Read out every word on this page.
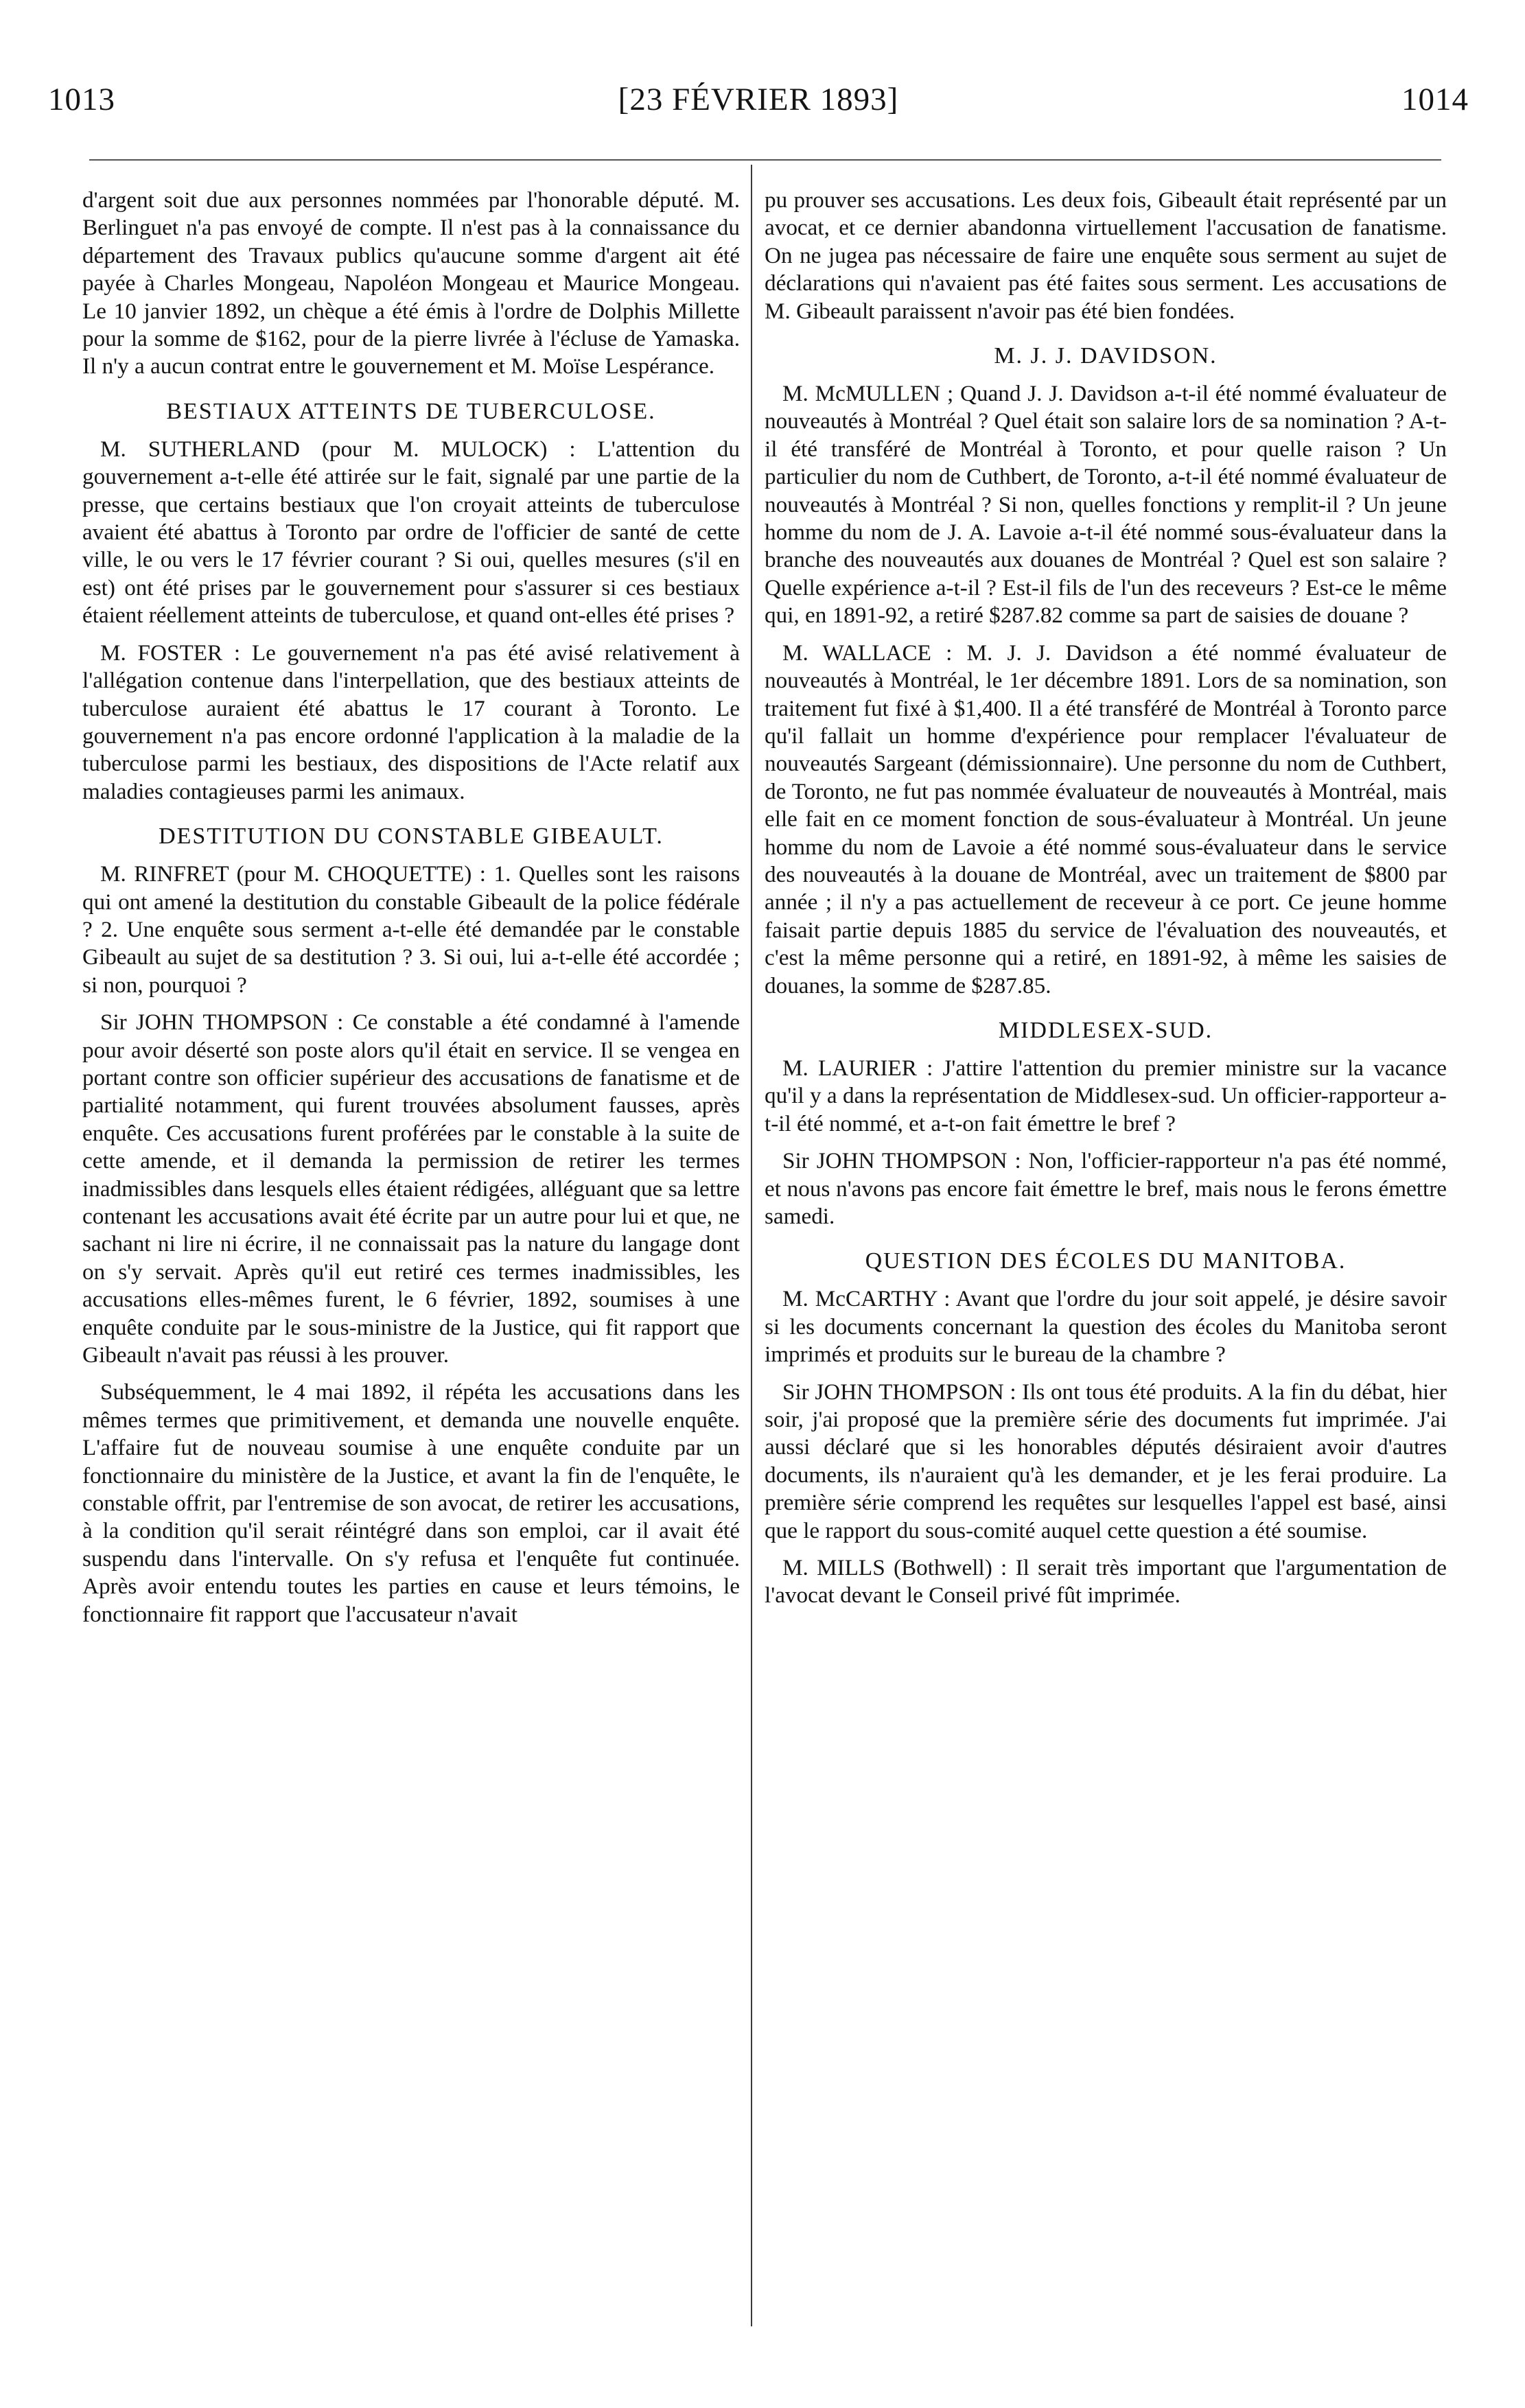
[23 FÉVRIER 1893]
1013	1014

d'argent soit due aux personnes nommées par l'honorable député. M. Berlinguet n'a pas envoyé de compte. Il n'est pas à la connaissance du département des Travaux publics qu'aucune somme d'argent ait été payée à Charles Mongeau, Napoléon Mongeau et Maurice Mongeau. Le 10 janvier 1892, un chèque a été émis à l'ordre de Dolphis Millette pour la somme de $162, pour de la pierre livrée à l'écluse de Yamaska. Il n'y a aucun contrat entre le gouvernement et M. Moïse Lespérance.

BESTIAUX ATTEINTS DE TUBERCULOSE.

M. SUTHERLAND (pour M. MULOCK) : L'attention du gouvernement a-t-elle été attirée sur le fait, signalé par une partie de la presse, que certains bestiaux que l'on croyait atteints de tuberculose avaient été abattus à Toronto par ordre de l'officier de santé de cette ville, le ou vers le 17 février courant ? Si oui, quelles mesures (s'il en est) ont été prises par le gouvernement pour s'assurer si ces bestiaux étaient réellement atteints de tuberculose, et quand ont-elles été prises ?

M. FOSTER : Le gouvernement n'a pas été avisé relativement à l'allégation contenue dans l'interpellation, que des bestiaux atteints de tuberculose auraient été abattus le 17 courant à Toronto. Le gouvernement n'a pas encore ordonné l'application à la maladie de la tuberculose parmi les bestiaux, des dispositions de l'Acte relatif aux maladies contagieuses parmi les animaux.

DESTITUTION DU CONSTABLE GIBEAULT.

M. RINFRET (pour M. CHOQUETTE) : 1. Quelles sont les raisons qui ont amené la destitution du constable Gibeault de la police fédérale ? 2. Une enquête sous serment a-t-elle été demandée par le constable Gibeault au sujet de sa destitution ? 3. Si oui, lui a-t-elle été accordée ; si non, pourquoi ?

Sir JOHN THOMPSON : Ce constable a été condamné à l'amende pour avoir déserté son poste alors qu'il était en service. Il se vengea en portant contre son officier supérieur des accusations de fanatisme et de partialité notamment, qui furent trouvées absolument fausses, après enquête. Ces accusations furent proférées par le constable à la suite de cette amende, et il demanda la permission de retirer les termes inadmissibles dans lesquels elles étaient rédigées, alléguant que sa lettre contenant les accusations avait été écrite par un autre pour lui et que, ne sachant ni lire ni écrire, il ne connaissait pas la nature du langage dont on s'y servait. Après qu'il eut retiré ces termes inadmissibles, les accusations elles-mêmes furent, le 6 février, 1892, soumises à une enquête conduite par le sous-ministre de la Justice, qui fit rapport que Gibeault n'avait pas réussi à les prouver.

Subséquemment, le 4 mai 1892, il répéta les accusations dans les mêmes termes que primitivement, et demanda une nouvelle enquête. L'affaire fut de nouveau soumise à une enquête conduite par un fonctionnaire du ministère de la Justice, et avant la fin de l'enquête, le constable offrit, par l'entremise de son avocat, de retirer les accusations, à la condition qu'il serait réintégré dans son emploi, car il avait été suspendu dans l'intervalle. On s'y refusa et l'enquête fut continuée. Après avoir entendu toutes les parties en cause et leurs témoins, le fonctionnaire fit rapport que l'accusateur n'avait

pu prouver ses accusations. Les deux fois, Gibeault était représenté par un avocat, et ce dernier abandonna virtuellement l'accusation de fanatisme. On ne jugea pas nécessaire de faire une enquête sous serment au sujet de déclarations qui n'avaient pas été faites sous serment. Les accusations de M. Gibeault paraissent n'avoir pas été bien fondées.

M. J. J. DAVIDSON.

M. McMULLEN ; Quand J. J. Davidson a-t-il été nommé évaluateur de nouveautés à Montréal ? Quel était son salaire lors de sa nomination ? A-t-il été transféré de Montréal à Toronto, et pour quelle raison ? Un particulier du nom de Cuthbert, de Toronto, a-t-il été nommé évaluateur de nouveautés à Montréal ? Si non, quelles fonctions y remplit-il ? Un jeune homme du nom de J. A. Lavoie a-t-il été nommé sous-évaluateur dans la branche des nouveautés aux douanes de Montréal ? Quel est son salaire ? Quelle expérience a-t-il ? Est-il fils de l'un des receveurs ? Est-ce le même qui, en 1891-92, a retiré $287.82 comme sa part de saisies de douane ?

M. WALLACE : M. J. J. Davidson a été nommé évaluateur de nouveautés à Montréal, le 1er décembre 1891. Lors de sa nomination, son traitement fut fixé à $1,400. Il a été transféré de Montréal à Toronto parce qu'il fallait un homme d'expérience pour remplacer l'évaluateur de nouveautés Sargeant (démissionnaire). Une personne du nom de Cuthbert, de Toronto, ne fut pas nommée évaluateur de nouveautés à Montréal, mais elle fait en ce moment fonction de sous-évaluateur à Montréal. Un jeune homme du nom de Lavoie a été nommé sous-évaluateur dans le service des nouveautés à la douane de Montréal, avec un traitement de $800 par année ; il n'y a pas actuellement de receveur à ce port. Ce jeune homme faisait partie depuis 1885 du service de l'évaluation des nouveautés, et c'est la même personne qui a retiré, en 1891-92, à même les saisies de douanes, la somme de $287.85.

MIDDLESEX-SUD.

M. LAURIER : J'attire l'attention du premier ministre sur la vacance qu'il y a dans la représentation de Middlesex-sud. Un officier-rapporteur a-t-il été nommé, et a-t-on fait émettre le bref ?

Sir JOHN THOMPSON : Non, l'officier-rapporteur n'a pas été nommé, et nous n'avons pas encore fait émettre le bref, mais nous le ferons émettre samedi.

QUESTION DES ÉCOLES DU MANITOBA.

M. McCARTHY : Avant que l'ordre du jour soit appelé, je désire savoir si les documents concernant la question des écoles du Manitoba seront imprimés et produits sur le bureau de la chambre ?

Sir JOHN THOMPSON : Ils ont tous été produits. A la fin du débat, hier soir, j'ai proposé que la première série des documents fut imprimée. J'ai aussi déclaré que si les honorables députés désiraient avoir d'autres documents, ils n'auraient qu'à les demander, et je les ferai produire. La première série comprend les requêtes sur lesquelles l'appel est basé, ainsi que le rapport du sous-comité auquel cette question a été soumise.

M. MILLS (Bothwell) : Il serait très important que l'argumentation de l'avocat devant le Conseil privé fût imprimée.
